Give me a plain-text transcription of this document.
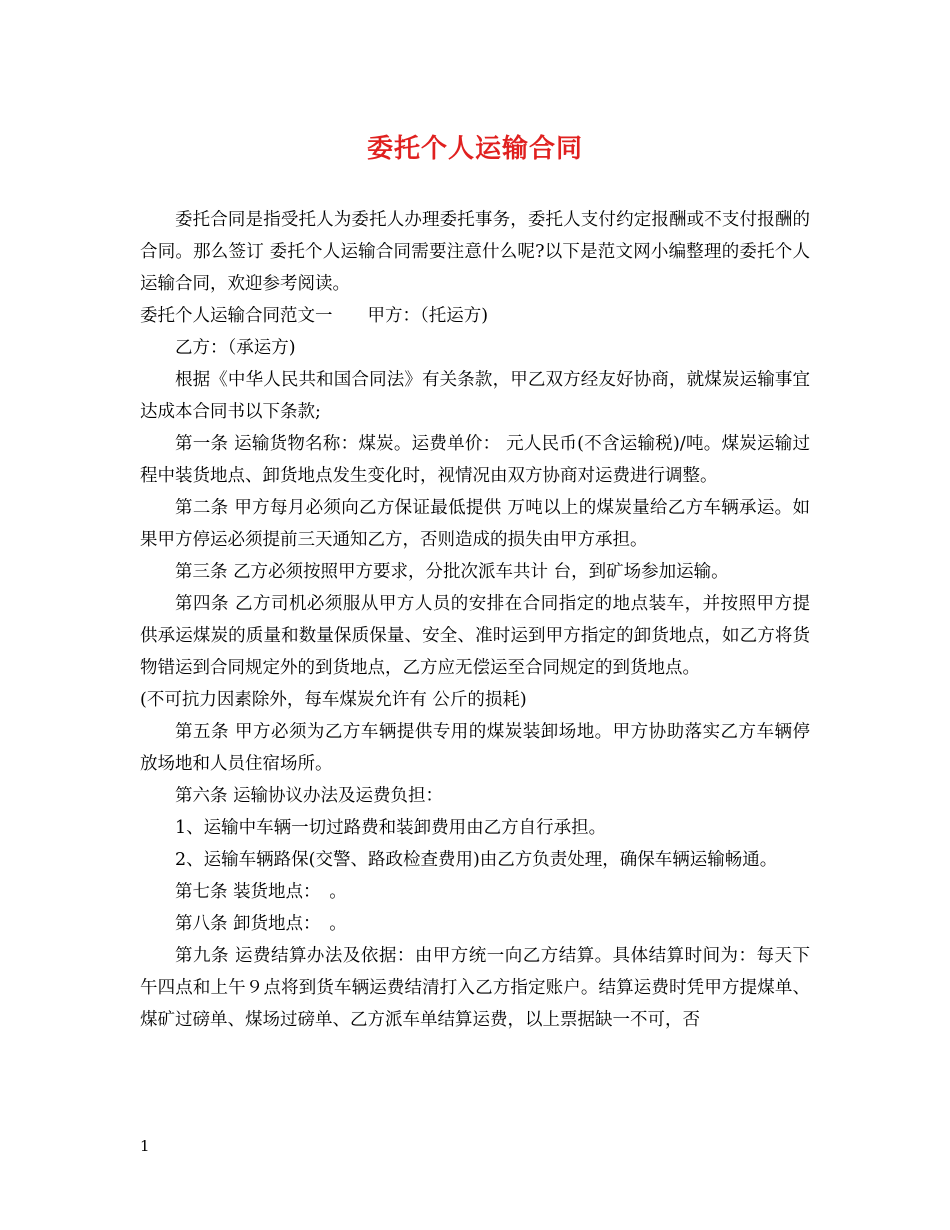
委托个人运输合同

委托合同是指受托人为委托人办理委托事务，委托人支付约定报酬或不支付报酬的合同。那么签订 委托个人运输合同需要注意什么呢?以下是范文网小编整理的委托个人运输合同，欢迎参考阅读。

委托个人运输合同范文一　　甲方：（托运方)

乙方：（承运方)

根据《中华人民共和国合同法》有关条款，甲乙双方经友好协商，就煤炭运输事宜达成本合同书以下条款;

第一条 运输货物名称：煤炭。运费单价： 元人民币(不含运输税)/吨。煤炭运输过程中装货地点、卸货地点发生变化时，视情况由双方协商对运费进行调整。

第二条 甲方每月必须向乙方保证最低提供 万吨以上的煤炭量给乙方车辆承运。如果甲方停运必须提前三天通知乙方，否则造成的损失由甲方承担。

第三条 乙方必须按照甲方要求，分批次派车共计 台，到矿场参加运输。

第四条 乙方司机必须服从甲方人员的安排在合同指定的地点装车，并按照甲方提供承运煤炭的质量和数量保质保量、安全、准时运到甲方指定的卸货地点，如乙方将货物错运到合同规定外的到货地点，乙方应无偿运至合同规定的到货地点。

(不可抗力因素除外，每车煤炭允许有 公斤的损耗)

第五条 甲方必须为乙方车辆提供专用的煤炭装卸场地。甲方协助落实乙方车辆停放场地和人员住宿场所。

第六条 运输协议办法及运费负担：

1、运输中车辆一切过路费和装卸费用由乙方自行承担。

2、运输车辆路保(交警、路政检查费用)由乙方负责处理，确保车辆运输畅通。

第七条 装货地点：　。

第八条 卸货地点：　。

第九条 运费结算办法及依据：由甲方统一向乙方结算。具体结算时间为：每天下午四点和上午９点将到货车辆运费结清打入乙方指定账户。结算运费时凭甲方提煤单、煤矿过磅单、煤场过磅单、乙方派车单结算运费，以上票据缺一不可，否

1
